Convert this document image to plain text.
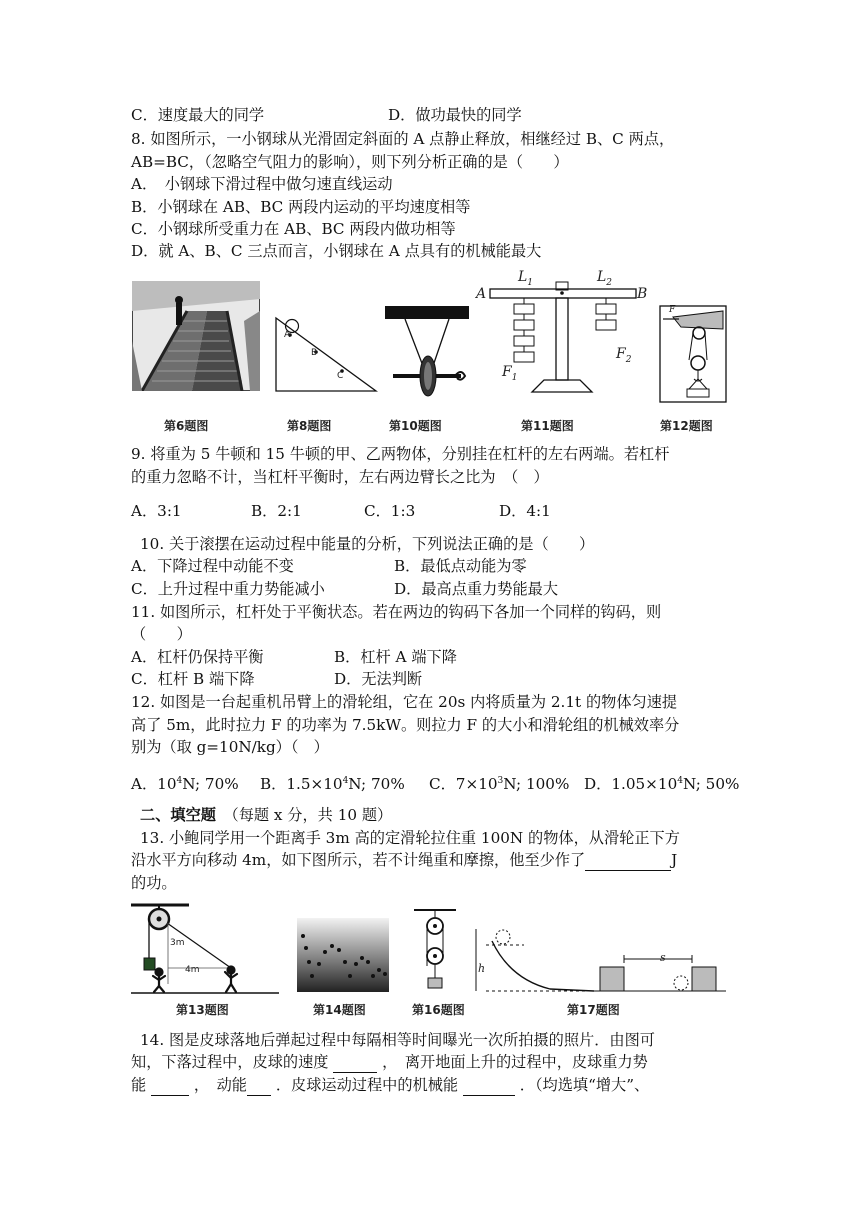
C．速度最大的同学	D．做功最快的同学
8. 如图所示，一小钢球从光滑固定斜面的 A 点静止释放，相继经过 B、C 两点，
AB=BC，（忽略空气阻力的影响），则下列分析正确的是（　　）
A．　小钢球下滑过程中做匀速直线运动
B．小钢球在 AB、BC 两段内运动的平均速度相等
C．小钢球所受重力在 AB、BC 两段内做功相等
D．就 A、B、C 三点而言，小钢球在 A 点具有的机械能最大
A
B
C
A	B
$L_1$	$L_2$
$F_1$
$F_2$
F
第6题图	第8题图	第10题图	第11题图	第12题图
9. 将重为 5 牛顿和 15 牛顿的甲、乙两物体，分别挂在杠杆的左右两端。若杠杆
的重力忽略不计，当杠杆平衡时，左右两边臂长之比为　（　）
A．3:1	B．2:1	C．1:3	D．4:1
10. 关于滚摆在运动过程中能量的分析，下列说法正确的是（　　）
A．下降过程中动能不变	B．最低点动能为零
C．上升过程中重力势能减小	D．最高点重力势能最大
11. 如图所示，杠杆处于平衡状态。若在两边的钩码下各加一个同样的钩码，则
（　　）
A．杠杆仍保持平衡	B．杠杆 A 端下降
C．杠杆 B 端下降	D．无法判断
12. 如图是一台起重机吊臂上的滑轮组，它在 20s 内将质量为 2.1t 的物体匀速提
高了 5m，此时拉力 F 的功率为 7.5kW。则拉力 F 的大小和滑轮组的机械效率分
别为（取 g=10N/kg）（　）
A．$10^4N$; 70% B．$1.5\times 10^4N$; 70% C．$7\times 10^3N$; 100% D．$1.05\times 10^4N$; 50%
二、填空题　 （每题 x 分，共 10 题）
13. 小鲍同学用一个距离手 3m 高的定滑轮拉住重 100N 的物体，从滑轮正下方
沿水平方向移动 4m，如下图所示，若不计绳重和摩擦，他至少作了	J
的功。
3m
4m	h
s
第13题图	第14题图	第16题图	第17题图
14. 图是皮球落地后弹起过程中每隔相等时间曝光一次所拍摄的照片．由图可
知，下落过程中，皮球的速度	，　离开地面上升的过程中，皮球重力势
能	，　动能 ．皮球运动过程中的机械能	．（均选填“增大”、
